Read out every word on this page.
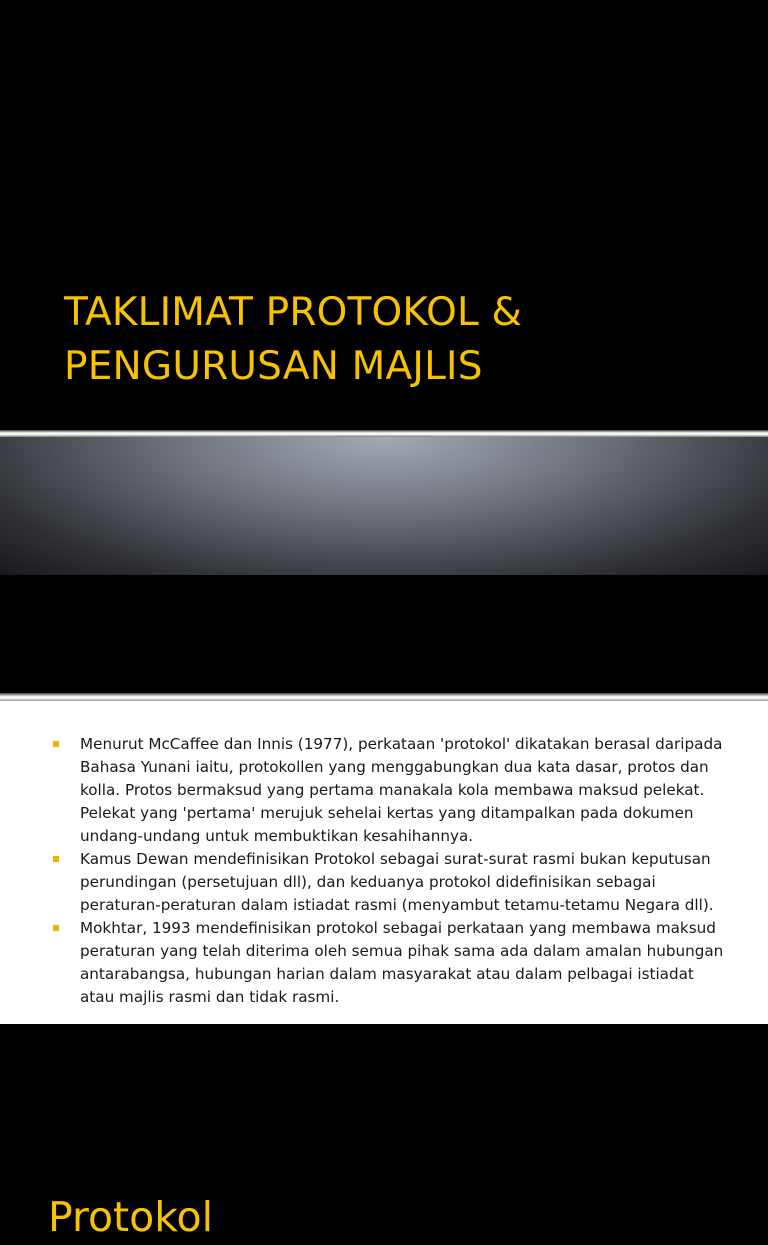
TAKLIMAT PROTOKOL &
PENGURUSAN MAJLIS
Protokol
Menurut McCaffee dan Innis (1977), perkataan 'protokol' dikatakan berasal daripada Bahasa Yunani iaitu, protokollen yang menggabungkan dua kata dasar, protos dan kolla. Protos bermaksud yang pertama manakala kola membawa maksud pelekat. Pelekat yang 'pertama' merujuk sehelai kertas yang ditampalkan pada dokumen undang-undang untuk membuktikan kesahihannya.
Kamus Dewan mendefinisikan Protokol sebagai surat-surat rasmi bukan keputusan perundingan (persetujuan dll), dan keduanya protokol didefinisikan sebagai peraturan-peraturan dalam istiadat rasmi (menyambut tetamu-tetamu Negara dll).
Mokhtar, 1993 mendefinisikan protokol sebagai perkataan yang membawa maksud peraturan yang telah diterima oleh semua pihak sama ada dalam amalan hubungan antarabangsa, hubungan harian dalam masyarakat atau dalam pelbagai istiadat atau majlis rasmi dan tidak rasmi.
